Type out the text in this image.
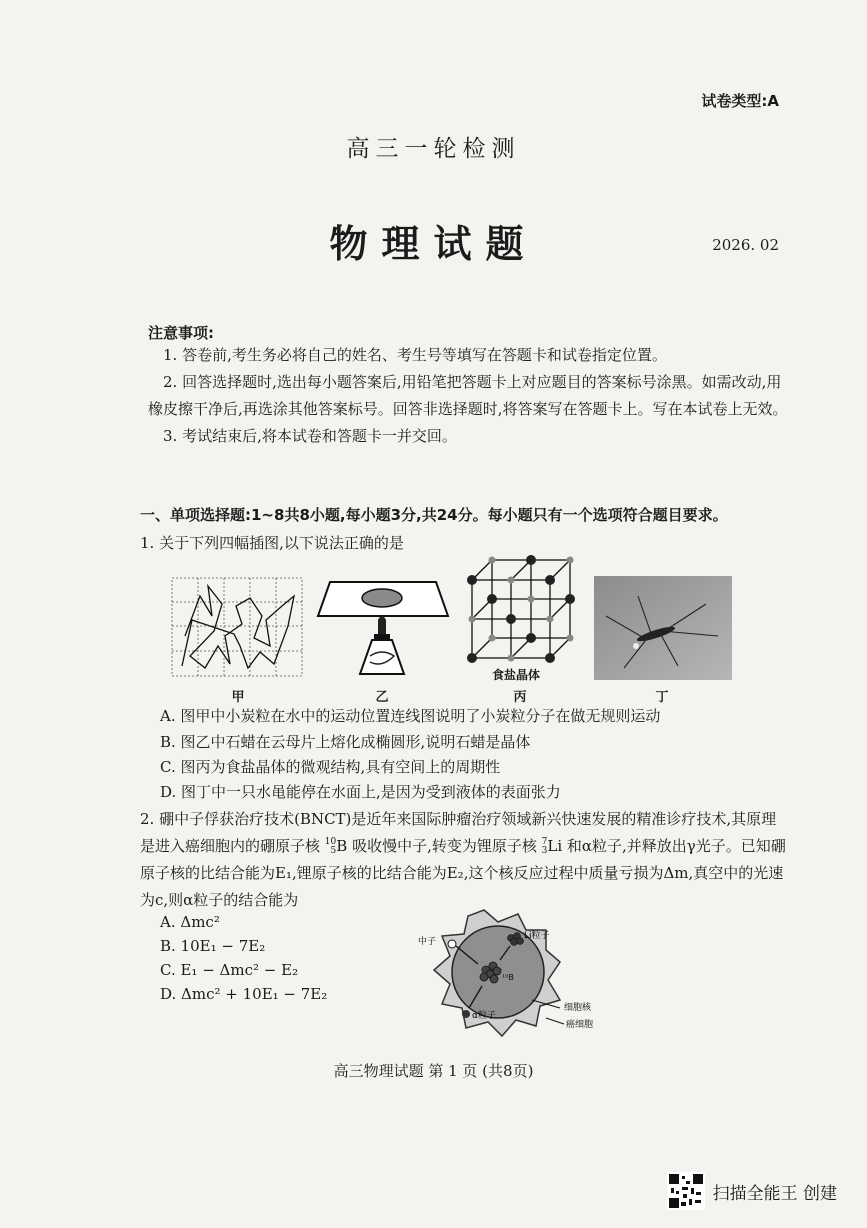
试卷类型:A
高三一轮检测
物理试题	2026. 02
注意事项:

1. 答卷前,考生务必将自己的姓名、考生号等填写在答题卡和试卷指定位置。

2. 回答选择题时,选出每小题答案后,用铅笔把答题卡上对应题目的答案标号涂黑。如需改动,用橡皮擦干净后,再选涂其他答案标号。回答非选择题时,将答案写在答题卡上。写在本试卷上无效。

3. 考试结束后,将本试卷和答题卡一并交回。

一、单项选择题:1~8共8小题,每小题3分,共24分。每小题只有一个选项符合题目要求。
1. 关于下列四幅插图,以下说法正确的是
食盐晶体
甲	乙	丙	丁
A. 图甲中小炭粒在水中的运动位置连线图说明了小炭粒分子在做无规则运动
B. 图乙中石蜡在云母片上熔化成椭圆形,说明石蜡是晶体
C. 图丙为食盐晶体的微观结构,具有空间上的周期性
D. 图丁中一只水黾能停在水面上,是因为受到液体的表面张力
2. 硼中子俘获治疗技术(BNCT)是近年来国际肿瘤治疗领域新兴快速发展的精准诊疗技术,其原理是进入癌细胞内的硼原子核 10
5B 吸收慢中子,转变为锂原子核 7
3Li 和α粒子,并释放出γ光子。已知硼原子核的比结合能为E₁,锂原子核的比结合能为E₂,这个核反应过程中质量亏损为Δm,真空中的光速为c,则α粒子的结合能为
A. Δmc²
B. 10E₁ − 7E₂
C. E₁ − Δmc² − E₂
D. Δmc² + 10E₁ − 7E₂
中子
Li粒子
¹⁰B
α粒子
细胞核
癌细胞
高三物理试题 第 1 页 (共8页)
扫描全能王 创建
